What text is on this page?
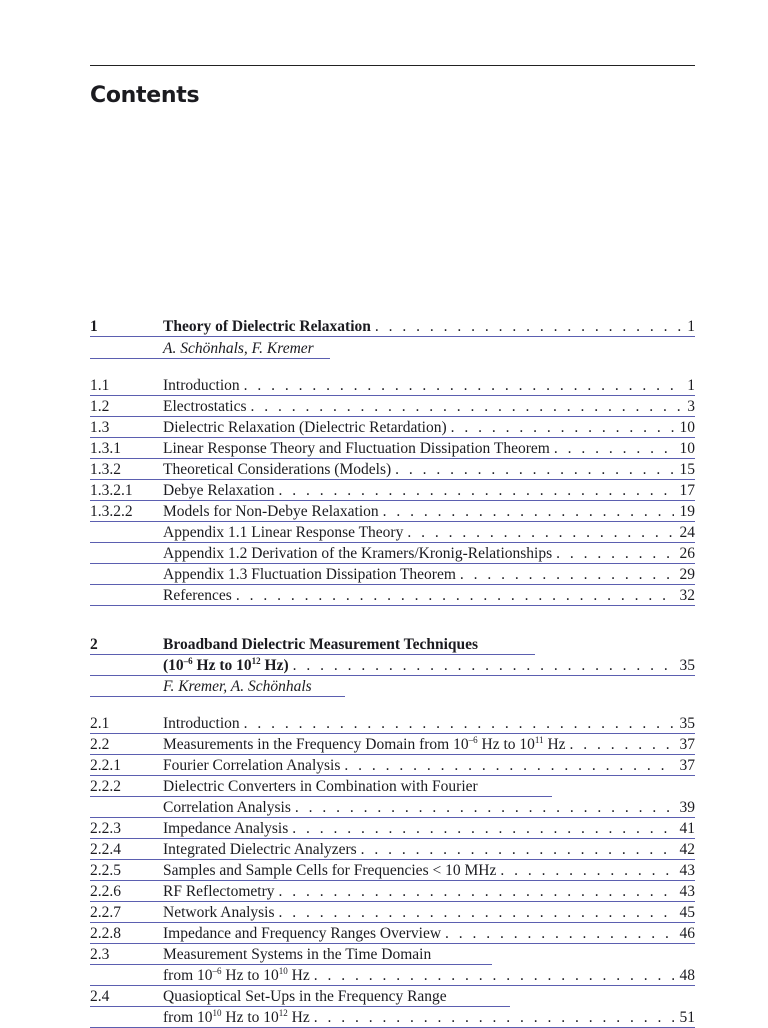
Contents
1	Theory of Dielectric Relaxation . . .	1
A. Schönhals, F. Kremer
1.1	Introduction . . .	1
1.2	Electrostatics . . .	3
1.3	Dielectric Relaxation (Dielectric Retardation) . . .	10
1.3.1	Linear Response Theory and Fluctuation Dissipation Theorem . . .	10
1.3.2	Theoretical Considerations (Models) . . .	15
1.3.2.1 Debye Relaxation . . .	17
1.3.2.2 Models for Non-Debye Relaxation . . .	19
Appendix 1.1 Linear Response Theory . . .	24
Appendix 1.2 Derivation of the Kramers/Kronig-Relationships . . .	26
Appendix 1.3 Fluctuation Dissipation Theorem . . .	29
References . . .	32
2	Broadband Dielectric Measurement Techniques
($10^{-6}$ Hz to $10^{12}$ Hz) . . .	35
F. Kremer, A. Schönhals
2.1	Introduction . . .	35
2.2	Measurements in the Frequency Domain from $10^{-6}$ Hz to $10^{11}$ Hz . . .	37
2.2.1	Fourier Correlation Analysis . . .	37
2.2.2	Dielectric Converters in Combination with Fourier
Correlation Analysis . . .	39
2.2.3	Impedance Analysis . . .	41
2.2.4	Integrated Dielectric Analyzers . . .	42
2.2.5	Samples and Sample Cells for Frequencies < 10 MHz . . .	43
2.2.6	RF Reflectometry . . .	43
2.2.7	Network Analysis . . .	45
2.2.8	Impedance and Frequency Ranges Overview . . .	46
2.3	Measurement Systems in the Time Domain
from $10^{-6}$ Hz to $10^{10}$ Hz . . .	48
2.4	Quasioptical Set-Ups in the Frequency Range
from $10^{10}$ Hz to $10^{12}$ Hz . . .	51
